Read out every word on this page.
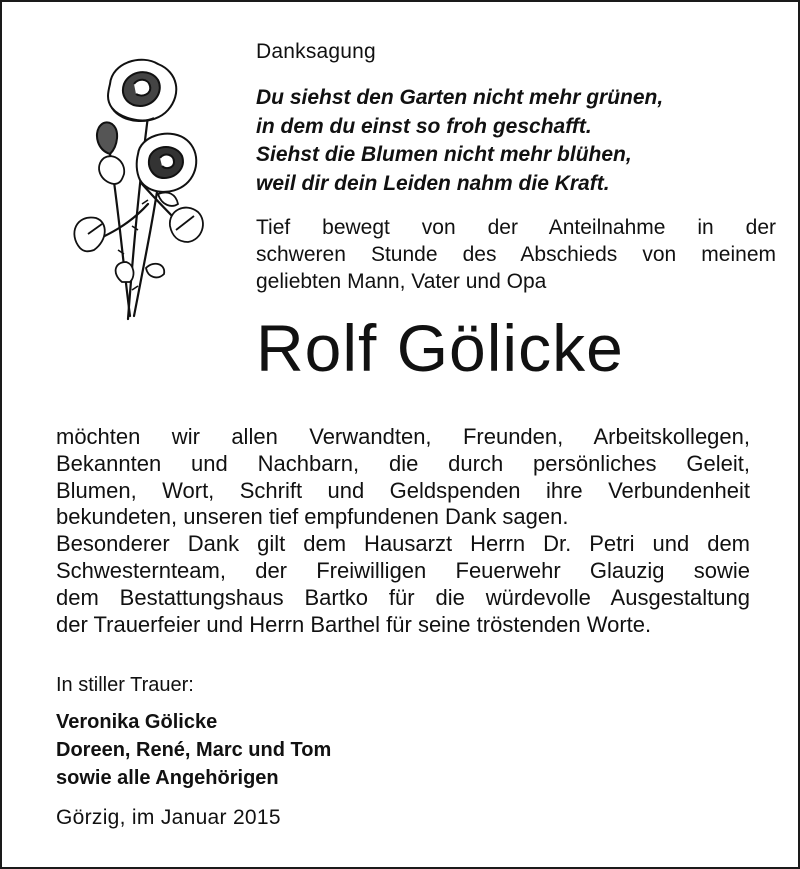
Danksagung
Du siehst den Garten nicht mehr grünen,
in dem du einst so froh geschafft.
Siehst die Blumen nicht mehr blühen,
weil dir dein Leiden nahm die Kraft.
Tief bewegt von der Anteilnahme in der
schweren Stunde des Abschieds von meinem
geliebten Mann, Vater und Opa
Rolf Gölicke
möchten wir allen Verwandten, Freunden, Arbeitskollegen,
Bekannten und Nachbarn, die durch persönliches Geleit,
Blumen, Wort, Schrift und Geldspenden ihre Verbundenheit
bekundeten, unseren tief empfundenen Dank sagen.
Besonderer Dank gilt dem Hausarzt Herrn Dr. Petri und dem
Schwesternteam, der Freiwilligen Feuerwehr Glauzig sowie
dem Bestattungshaus Bartko für die würdevolle Ausgestaltung
der Trauerfeier und Herrn Barthel für seine tröstenden Worte.
In stiller Trauer:
Veronika Gölicke
Doreen, René, Marc und Tom
sowie alle Angehörigen
Görzig, im Januar 2015
